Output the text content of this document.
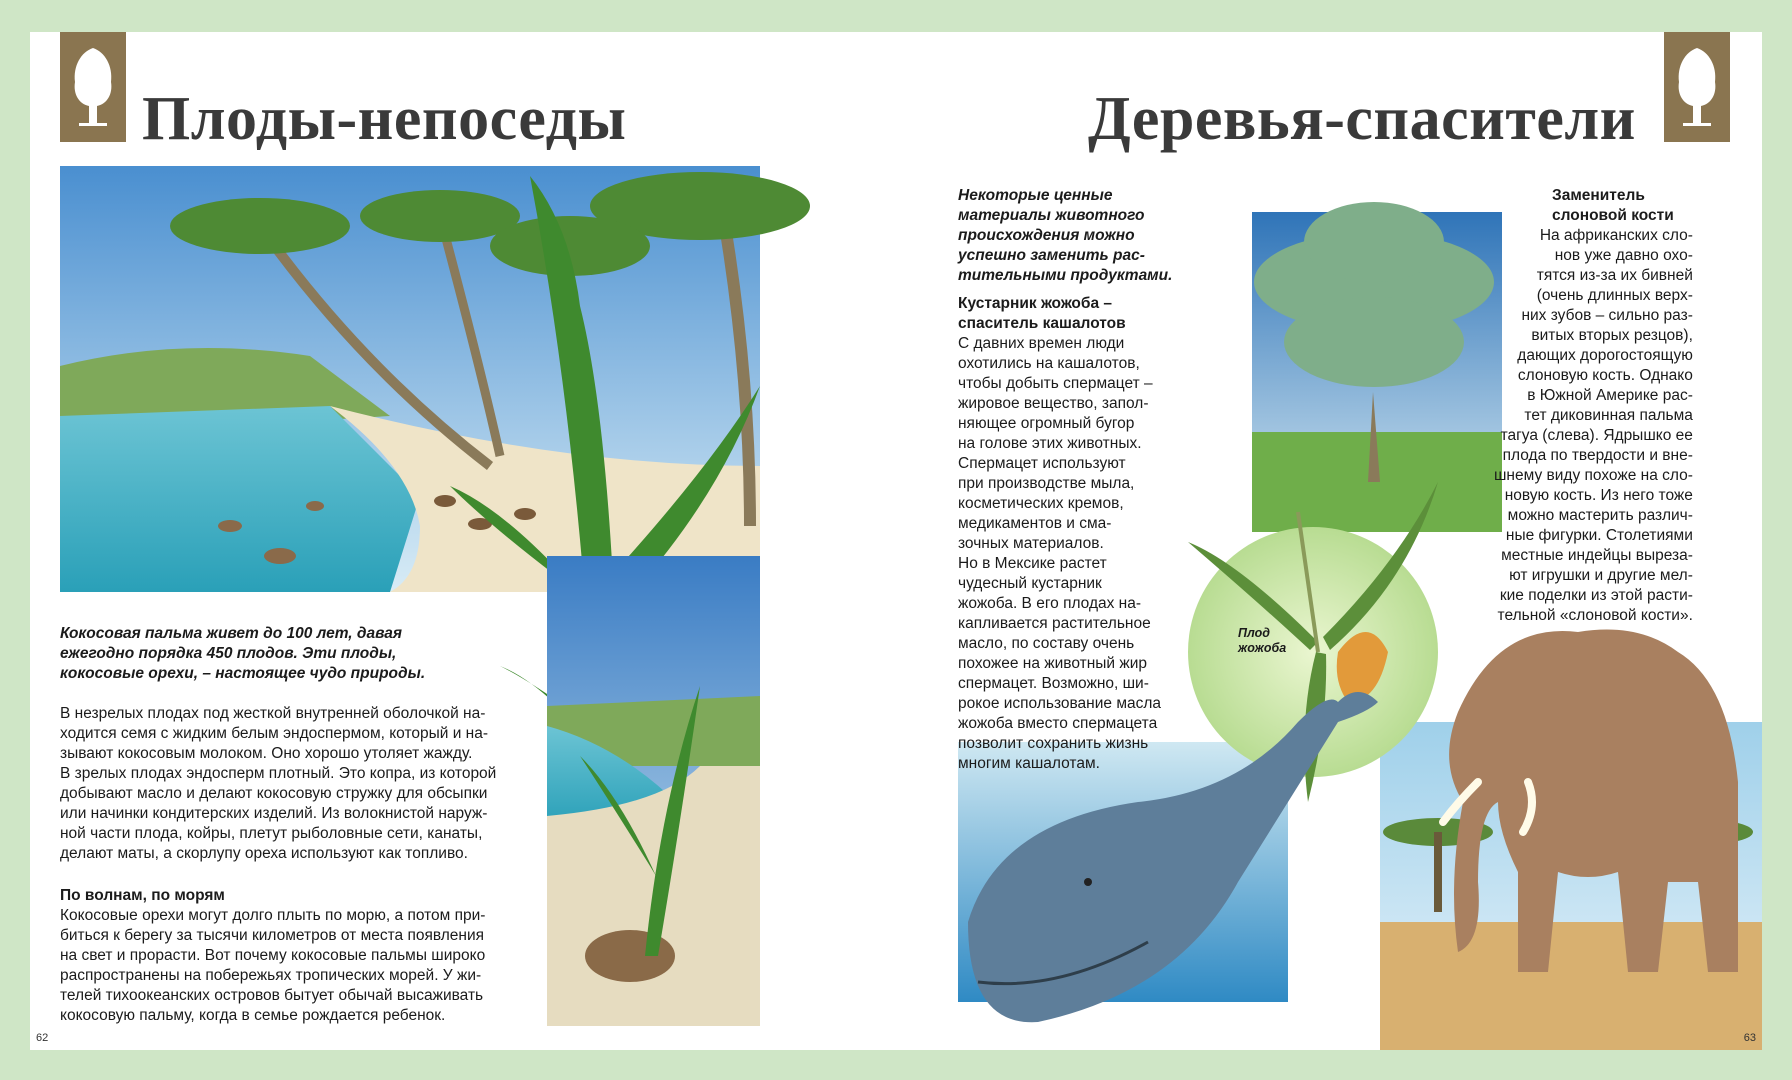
Плоды-непоседы
Кокосовая пальма живет до 100 лет, давая
ежегодно порядка 450 плодов. Эти плоды,
кокосовые орехи, – настоящее чудо природы.
В незрелых плодах под жесткой внутренней оболочкой на-
ходится семя с жидким белым эндоспермом, который и на-
зывают кокосовым молоком. Оно хорошо утоляет жажду.
В зрелых плодах эндосперм плотный. Это копра, из которой
добывают масло и делают кокосовую стружку для обсыпки
или начинки кондитерских изделий. Из волокнистой наруж-
ной части плода, койры, плетут рыболовные сети, канаты,
делают маты, а скорлупу ореха используют как топливо.
По волнам, по морям
Кокосовые орехи могут долго плыть по морю, а потом при-
биться к берегу за тысячи километров от места появления
на свет и прорасти. Вот почему кокосовые пальмы широко
распространены на побережьях тропических морей. У жи-
телей тихоокеанских островов бытует обычай высаживать
кокосовую пальму, когда в семье рождается ребенок.
62
Деревья-спасители
Некоторые ценные
материалы животного
происхождения можно
успешно заменить рас-
тительными продуктами.
Кустарник жожоба –
спаситель кашалотов
С давних времен люди
охотились на кашалотов,
чтобы добыть спермацет –
жировое вещество, запол-
няющее огромный бугор
на голове этих животных.
Спермацет используют
при производстве мыла,
косметических кремов,
медикаментов и сма-
зочных материалов.
Но в Мексике растет
чудесный кустарник
жожоба. В его плодах на-
капливается растительное
масло, по составу очень
похожее на животный жир
спермацет. Возможно, ши-
рокое использование масла
жожоба вместо спермацета
позволит сохранить жизнь
многим кашалотам.
Заменитель
слоновой кости
На африканских сло-
нов уже давно охо-
тятся из-за их бивней
(очень длинных верх-
них зубов – сильно раз-
витых вторых резцов),
дающих дорогостоящую
слоновую кость. Однако
в Южной Америке рас-
тет диковинная пальма
тагуа (слева). Ядрышко ее
плода по твердости и вне-
шнему виду похоже на сло-
новую кость. Из него тоже
можно мастерить различ-
ные фигурки. Столетиями
местные индейцы выреза-
ют игрушки и другие мел-
кие поделки из этой расти-
тельной «слоновой кости».
Плод
жожоба
63
